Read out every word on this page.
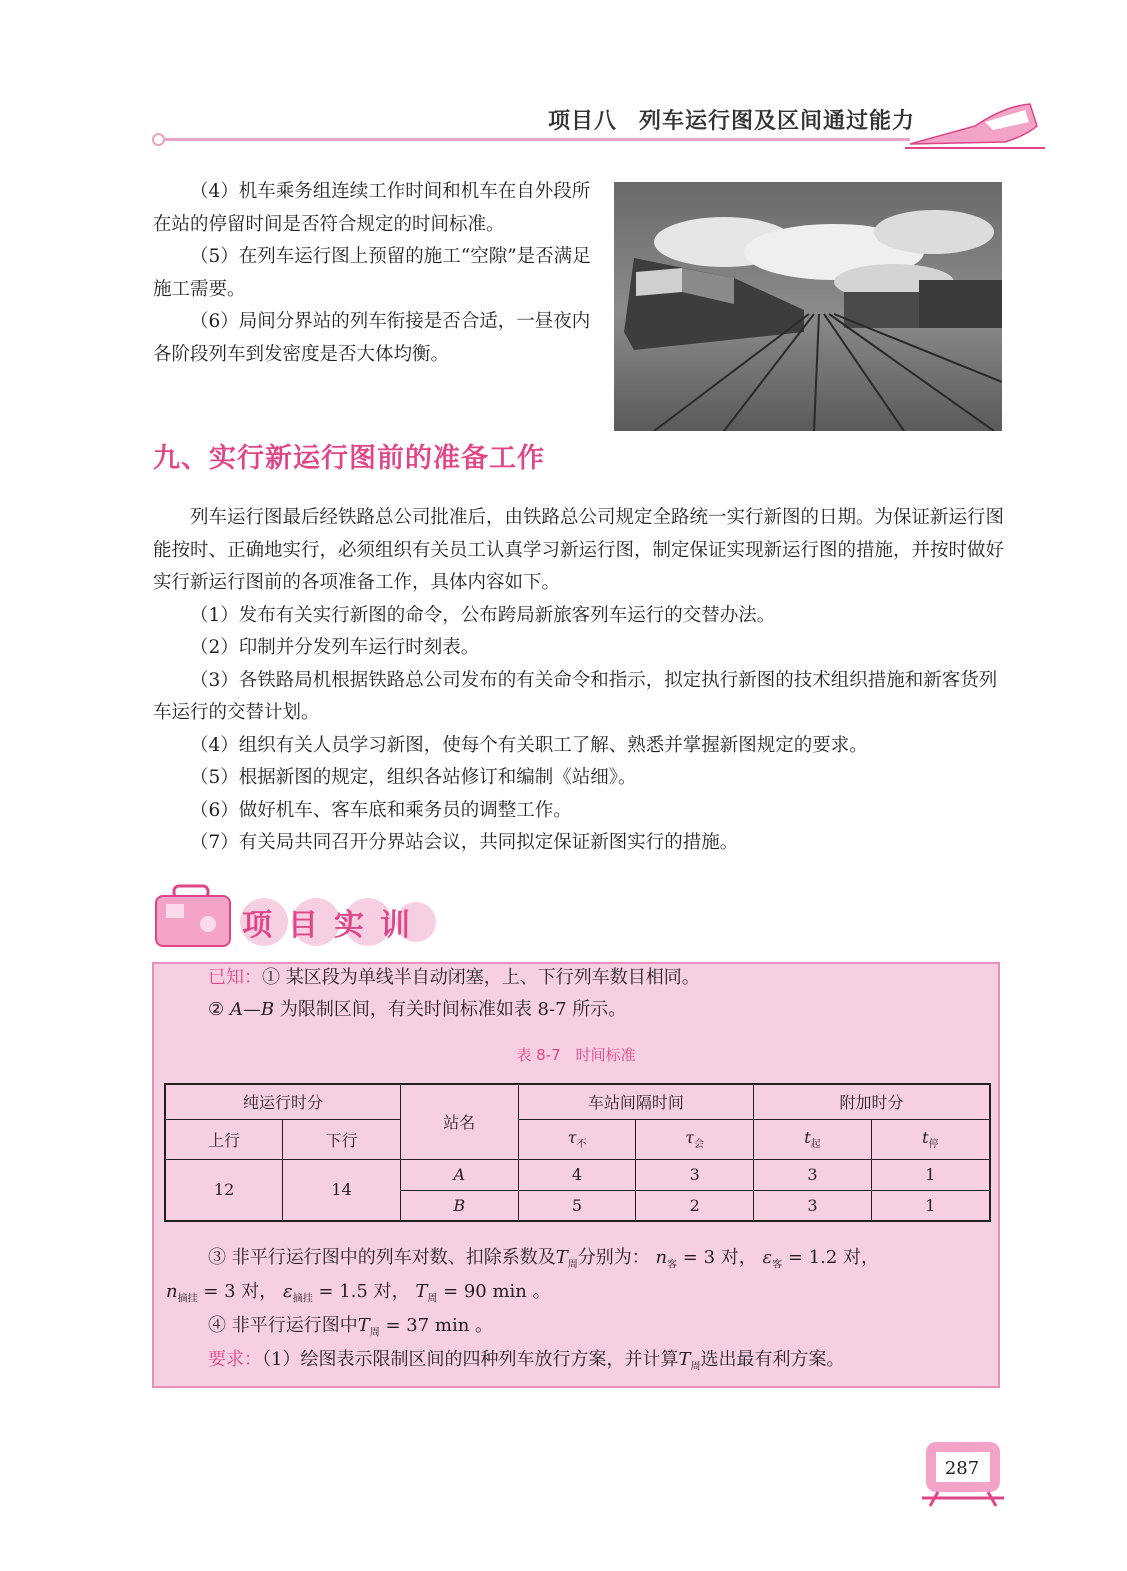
项目八 列车运行图及区间通过能力

（4）机车乘务组连续工作时间和机车在自外段所在站的停留时间是否符合规定的时间标准。

（5）在列车运行图上预留的施工“空隙”是否满足施工需要。

（6）局间分界站的列车衔接是否合适，一昼夜内各阶段列车到发密度是否大体均衡。

九、实行新运行图前的准备工作

列车运行图最后经铁路总公司批准后，由铁路总公司规定全路统一实行新图的日期。为保证新运行图能按时、正确地实行，必须组织有关员工认真学习新运行图，制定保证实现新运行图的措施，并按时做好实行新运行图前的各项准备工作，具体内容如下。

（1）发布有关实行新图的命令，公布跨局新旅客列车运行的交替办法。

（2）印制并分发列车运行时刻表。

（3）各铁路局机根据铁路总公司发布的有关命令和指示，拟定执行新图的技术组织措施和新客货列车运行的交替计划。

（4）组织有关人员学习新图，使每个有关职工了解、熟悉并掌握新图规定的要求。

（5）根据新图的规定，组织各站修订和编制《站细》。

（6）做好机车、客车底和乘务员的调整工作。

（7）有关局共同召开分界站会议，共同拟定保证新图实行的措施。

项目实训
已知：① 某区段为单线半自动闭塞，上、下行列车数目相同。
② A—B 为限制区间，有关时间标准如表 8-7 所示。
表 8-7　时间标准
纯运行时分		站名	车站间隔时间		附加时分	
上行	下行		$\tau_不$	$\tau_会$	$t_起$	$t_停$
12	14	A	4	3	3	1
		B	5	2	3	1
③ 非平行运行图中的列车对数、扣除系数及$T_周$分别为： $n_客 = 3$ 对， $\varepsilon_客 = 1.2$ 对，
$n_{摘挂} = 3$ 对， $\varepsilon_{摘挂} = 1.5$ 对， $T_周 = 90$ min 。
④ 非平行运行图中$T_周 = 37$ min 。
要求：（1）绘图表示限制区间的四种列车放行方案，并计算$T_周$选出最有利方案。
287
